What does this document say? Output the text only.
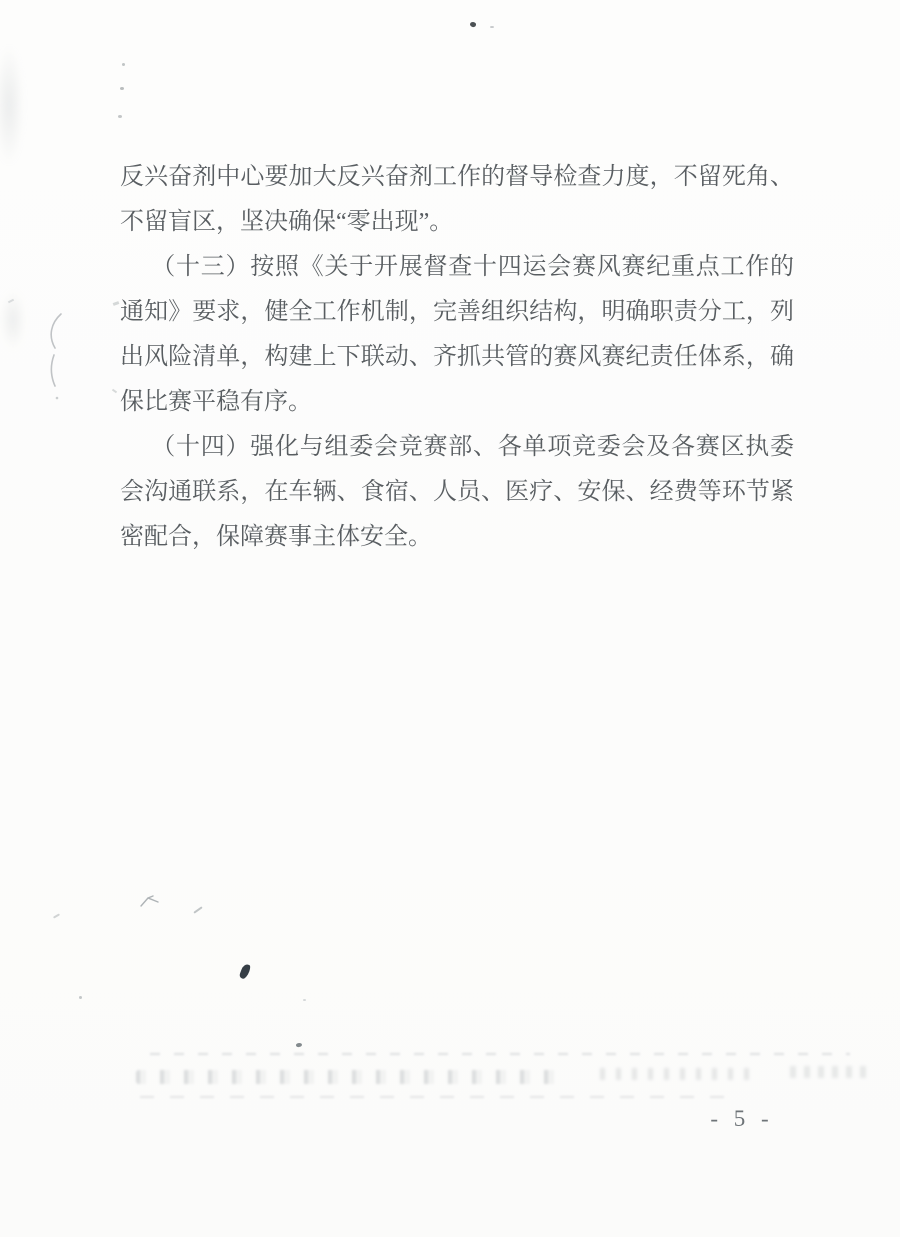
反兴奋剂中心要加大反兴奋剂工作的督导检查力度，不留死角、
不留盲区，坚决确保“零出现”。
（十三）按照《关于开展督查十四运会赛风赛纪重点工作的
通知》要求，健全工作机制，完善组织结构，明确职责分工，列
出风险清单，构建上下联动、齐抓共管的赛风赛纪责任体系，确
保比赛平稳有序。
（十四）强化与组委会竞赛部、各单项竞委会及各赛区执委
会沟通联系，在车辆、食宿、人员、医疗、安保、经费等环节紧
密配合，保障赛事主体安全。
- 5 -
